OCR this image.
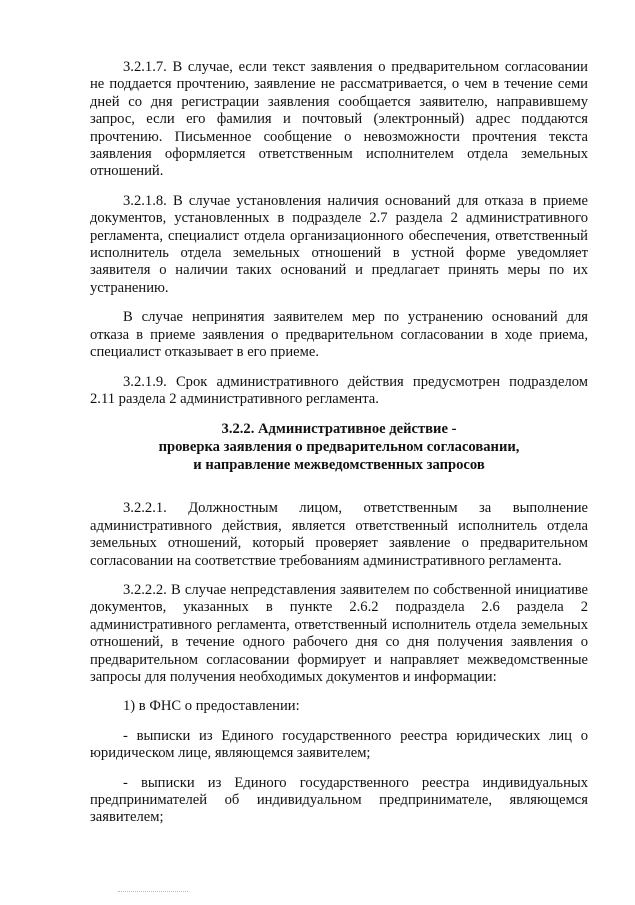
3.2.1.7. В случае, если текст заявления о предварительном согласовании не поддается прочтению, заявление не рассматривается, о чем в течение семи дней со дня регистрации заявления сообщается заявителю, направившему запрос, если его фамилия и почтовый (электронный) адрес поддаются прочтению. Письменное сообщение о невозможности прочтения текста заявления оформляется ответственным исполнителем отдела земельных отношений.

3.2.1.8. В случае установления наличия оснований для отказа в приеме документов, установленных в подразделе 2.7 раздела 2 административного регламента, специалист отдела организационного обеспечения, ответственный исполнитель отдела земельных отношений в устной форме уведомляет заявителя о наличии таких оснований и предлагает принять меры по их устранению.

В случае непринятия заявителем мер по устранению оснований для отказа в приеме заявления о предварительном согласовании в ходе приема, специалист отказывает в его приеме.

3.2.1.9. Срок административного действия предусмотрен подразделом 2.11 раздела 2 административного регламента.

3.2.2. Административное действие -
проверка заявления о предварительном согласовании,
и направление межведомственных запросов

3.2.2.1. Должностным лицом, ответственным за выполнение административного действия, является ответственный исполнитель отдела земельных отношений, который проверяет заявление о предварительном согласовании на соответствие требованиям административного регламента.

3.2.2.2. В случае непредставления заявителем по собственной инициативе документов, указанных в пункте 2.6.2 подраздела 2.6 раздела 2 административного регламента, ответственный исполнитель отдела земельных отношений, в течение одного рабочего дня со дня получения заявления о предварительном согласовании формирует и направляет межведомственные запросы для получения необходимых документов и информации:

1) в ФНС о предоставлении:

- выписки из Единого государственного реестра юридических лиц о юридическом лице, являющемся заявителем;

- выписки из Единого государственного реестра индивидуальных предпринимателей об индивидуальном предпринимателе, являющемся заявителем;
